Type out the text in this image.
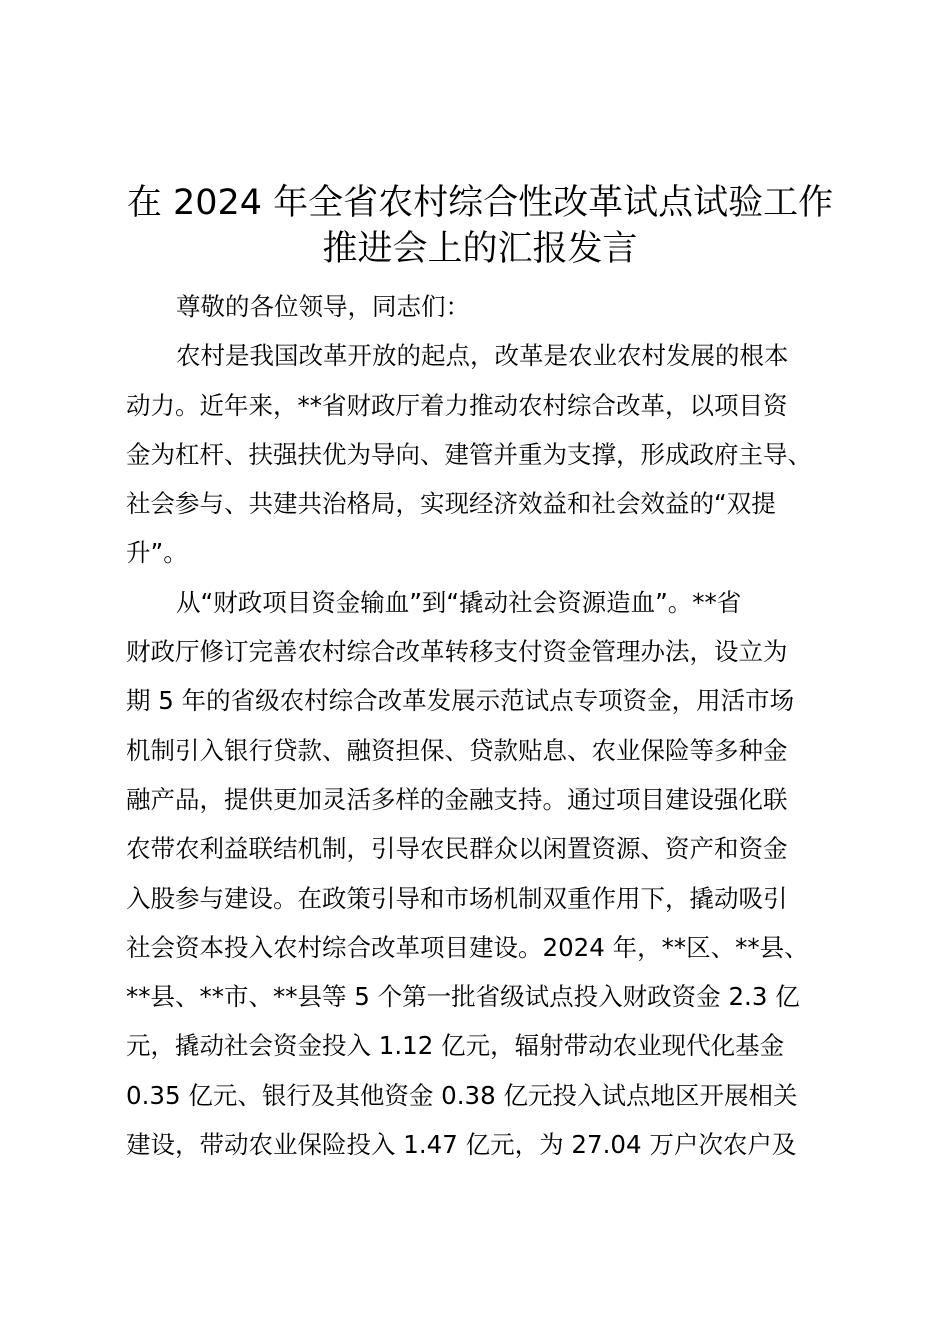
在 2024 年全省农村综合性改革试点试验工作
推进会上的汇报发言
尊敬的各位领导，同志们：
农村是我国改革开放的起点，改革是农业农村发展的根本
动力。近年来，**省财政厅着力推动农村综合改革，以项目资
金为杠杆、扶强扶优为导向、建管并重为支撑，形成政府主导、
社会参与、共建共治格局，实现经济效益和社会效益的“双提
升”。
从“财政项目资金输血”到“撬动社会资源造血”。**省
财政厅修订完善农村综合改革转移支付资金管理办法，设立为
期 5 年的省级农村综合改革发展示范试点专项资金，用活市场
机制引入银行贷款、融资担保、贷款贴息、农业保险等多种金
融产品，提供更加灵活多样的金融支持。通过项目建设强化联
农带农利益联结机制，引导农民群众以闲置资源、资产和资金
入股参与建设。在政策引导和市场机制双重作用下，撬动吸引
社会资本投入农村综合改革项目建设。2024 年，**区、**县、
**县、**市、**县等 5 个第一批省级试点投入财政资金 2.3 亿
元，撬动社会资金投入 1.12 亿元，辐射带动农业现代化基金
0.35 亿元、银行及其他资金 0.38 亿元投入试点地区开展相关
建设，带动农业保险投入 1.47 亿元，为 27.04 万户次农户及
